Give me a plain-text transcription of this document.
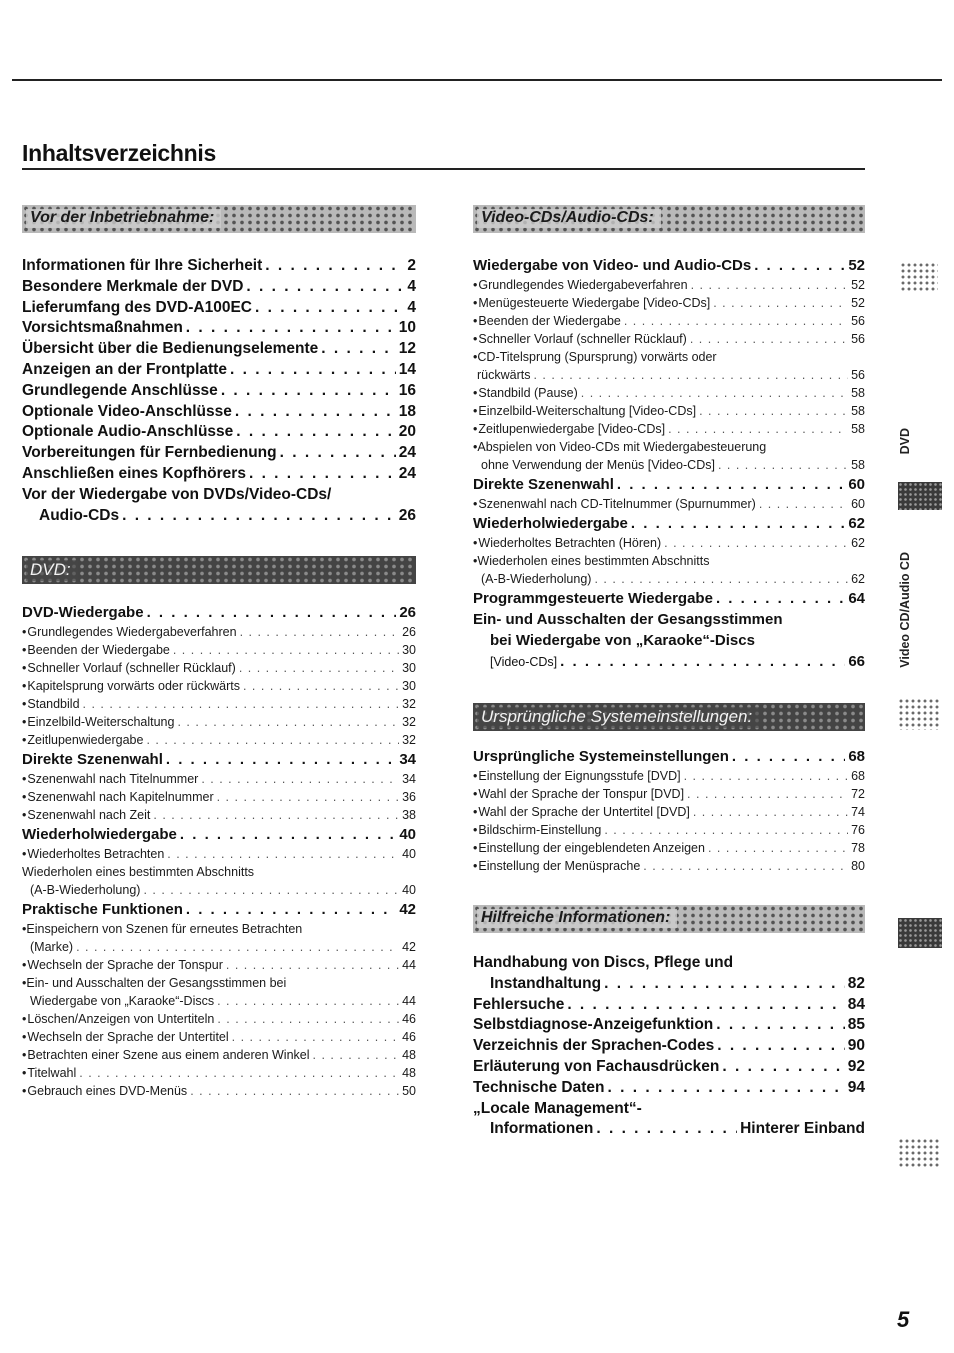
Inhaltsverzeichnis
Vor der Inbetriebnahme:
Informationen für Ihre Sicherheit . . .	2
Besondere Merkmale der DVD . . .	4
Lieferumfang des DVD-A100EC . . .	4
Vorsichtsmaßnahmen . . .	10
Übersicht über die Bedienungselemente . . .	12
Anzeigen an der Frontplatte . . .	14
Grundlegende Anschlüsse . . .	16
Optionale Video-Anschlüsse . . .	18
Optionale Audio-Anschlüsse . . .	20
Vorbereitungen für Fernbedienung . . .	24
Anschließen eines Kopfhörers . . .	24
Vor der Wiedergabe von DVDs/Video-CDs/
Audio-CDs . . .	26
DVD:
DVD-Wiedergabe . . .	26
• Grundlegendes Wiedergabeverfahren . . .	26
• Beenden der Wiedergabe . . .	30
• Schneller Vorlauf (schneller Rücklauf) . . .	30
• Kapitelsprung vorwärts oder rückwärts . . .	30
• Standbild . . .	32
• Einzelbild-Weiterschaltung . . .	32
• Zeitlupenwiedergabe . . .	32
Direkte Szenenwahl . . .	34
• Szenenwahl nach Titelnummer . . .	34
• Szenenwahl nach Kapitelnummer . . .	36
• Szenenwahl nach Zeit . . .	38
Wiederholwiedergabe . . .	40
• Wiederholtes Betrachten . . .	40
Wiederholen eines bestimmten Abschnitts
(A-B-Wiederholung) . . .	40
Praktische Funktionen . . .	42
•Einspeichern von Szenen für erneutes Betrachten
(Marke) . . .	42
• Wechseln der Sprache der Tonspur . . .	44
•Ein- und Ausschalten der Gesangsstimmen bei
Wiedergabe von „Karaoke“-Discs . . .	44
• Löschen/Anzeigen von Untertiteln . . .	46
• Wechseln der Sprache der Untertitel . . .	46
• Betrachten einer Szene aus einem anderen Winkel . . .	48
• Titelwahl . . .	48
• Gebrauch eines DVD-Menüs . . .	50
Video-CDs/Audio-CDs:
Wiedergabe von Video- und Audio-CDs . . .	52
• Grundlegendes Wiedergabeverfahren . . .	52
• Menügesteuerte Wiedergabe [Video-CDs] . . .	52
• Beenden der Wiedergabe . . .	56
• Schneller Vorlauf (schneller Rücklauf) . . .	56
•CD-Titelsprung (Spursprung) vorwärts oder
rückwärts . . .	56
• Standbild (Pause) . . .	58
• Einzelbild-Weiterschaltung [Video-CDs] . . .	58
• Zeitlupenwiedergabe [Video-CDs] . . .	58
•Abspielen von Video-CDs mit Wiedergabesteuerung
ohne Verwendung der Menüs [Video-CDs] . . .	58
Direkte Szenenwahl . . .	60
• Szenenwahl nach CD-Titelnummer (Spurnummer) . . .	60
Wiederholwiedergabe . . .	62
• Wiederholtes Betrachten (Hören) . . .	62
•Wiederholen eines bestimmten Abschnitts
(A-B-Wiederholung) . . .	62
Programmgesteuerte Wiedergabe . . .	64
Ein- und Ausschalten der Gesangsstimmen
bei Wiedergabe von „Karaoke“-Discs
[Video-CDs] . . .	66
Ursprüngliche Systemeinstellungen:
Ursprüngliche Systemeinstellungen . . .	68
• Einstellung der Eignungsstufe [DVD] . . .	68
• Wahl der Sprache der Tonspur [DVD] . . .	72
• Wahl der Sprache der Untertitel [DVD] . . .	74
• Bildschirm-Einstellung . . .	76
• Einstellung der eingeblendeten Anzeigen . . .	78
• Einstellung der Menüsprache . . .	80
Hilfreiche Informationen:
Handhabung von Discs, Pflege und
Instandhaltung . . .	82
Fehlersuche . . .	84
Selbstdiagnose-Anzeigefunktion . . .	85
Verzeichnis der Sprachen-Codes . . .	90
Erläuterung von Fachausdrücken . . .	92
Technische Daten . . .	94
„Locale Management“-
Informationen . . .	Hinterer Einband
DVD
Video CD/Audio CD
5
